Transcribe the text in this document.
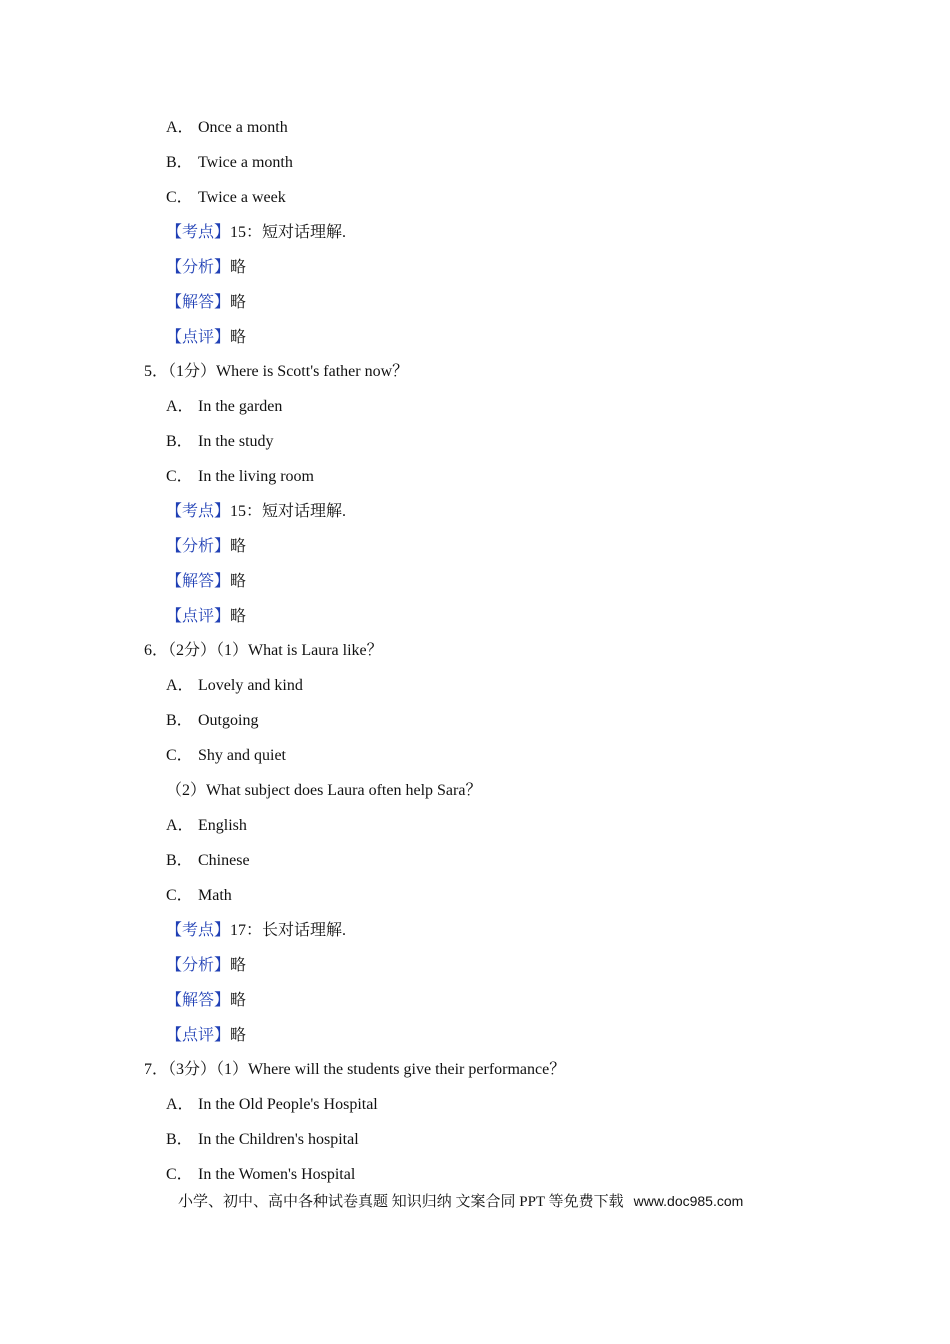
A． Once a month
B． Twice a month
C． Twice a week
【考点】15：短对话理解.
【分析】略
【解答】略
【点评】略
5．（1分）Where is Scott's father now？
A． In the garden
B． In the study
C． In the living room
【考点】15：短对话理解.
【分析】略
【解答】略
【点评】略
6．（2分）（1）What is Laura like？
A． Lovely and kind
B． Outgoing
C． Shy and quiet
（2）What subject does Laura often help Sara？
A． English
B． Chinese
C． Math
【考点】17：长对话理解.
【分析】略
【解答】略
【点评】略
7．（3分）（1）Where will the students give their performance？
A． In the Old People's Hospital
B． In the Children's hospital
C． In the Women's Hospital
小学、初中、高中各种试卷真题 知识归纳 文案合同 PPT 等免费下载 www.doc985.com
